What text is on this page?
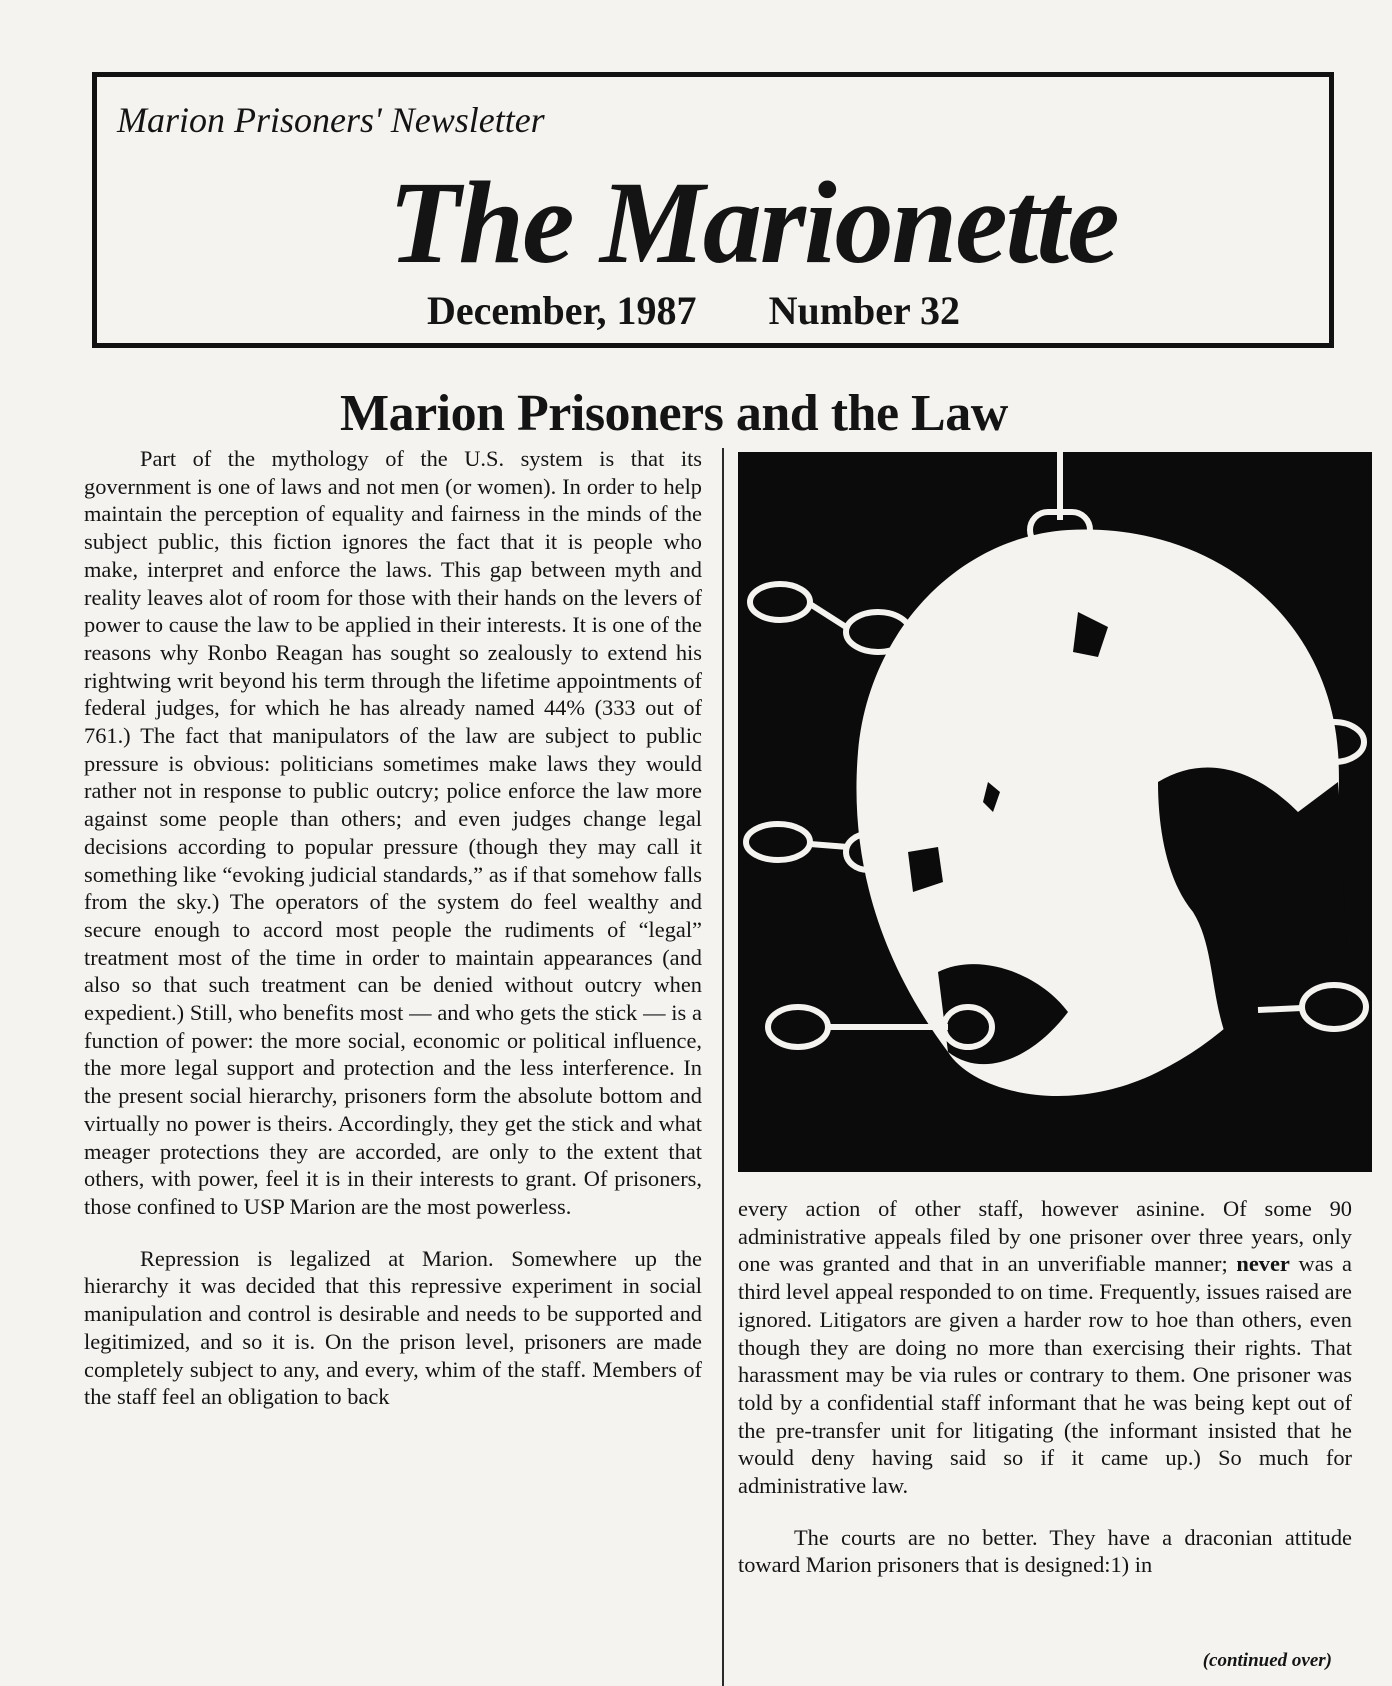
Marion Prisoners' Newsletter
The Marionette
December, 1987 Number 32
Marion Prisoners and the Law

Part of the mythology of the U.S. system is that its government is one of laws and not men (or women). In order to help maintain the perception of equality and fairness in the minds of the subject public, this fiction ignores the fact that it is people who make, interpret and enforce the laws. This gap between myth and reality leaves alot of room for those with their hands on the levers of power to cause the law to be applied in their interests. It is one of the reasons why Ronbo Reagan has sought so zealously to extend his rightwing writ beyond his term through the lifetime appointments of federal judges, for which he has already named 44% (333 out of 761.) The fact that manipulators of the law are subject to public pressure is obvious: politicians sometimes make laws they would rather not in response to public outcry; police enforce the law more against some people than others; and even judges change legal decisions according to popular pressure (though they may call it something like “evoking judicial standards,” as if that somehow falls from the sky.) The operators of the system do feel wealthy and secure enough to accord most people the rudiments of “legal” treatment most of the time in order to maintain appearances (and also so that such treatment can be denied without outcry when expedient.) Still, who benefits most — and who gets the stick — is a function of power: the more social, economic or political influence, the more legal support and protection and the less interference. In the present social hierarchy, prisoners form the absolute bottom and virtually no power is theirs. Accordingly, they get the stick and what meager protections they are accorded, are only to the extent that others, with power, feel it is in their interests to grant. Of prisoners, those confined to USP Marion are the most powerless.

Repression is legalized at Marion. Somewhere up the hierarchy it was decided that this repressive experiment in social manipulation and control is desirable and needs to be supported and legitimized, and so it is. On the prison level, prisoners are made completely subject to any, and every, whim of the staff. Members of the staff feel an obligation to back

every action of other staff, however asinine. Of some 90 administrative appeals filed by one prisoner over three years, only one was granted and that in an unverifiable manner; never was a third level appeal responded to on time. Frequently, issues raised are ignored. Litigators are given a harder row to hoe than others, even though they are doing no more than exercising their rights. That harassment may be via rules or contrary to them. One prisoner was told by a confidential staff informant that he was being kept out of the pre-transfer unit for litigating (the informant insisted that he would deny having said so if it came up.) So much for administrative law.

The courts are no better. They have a draconian attitude toward Marion prisoners that is designed:1) in

(continued over)
